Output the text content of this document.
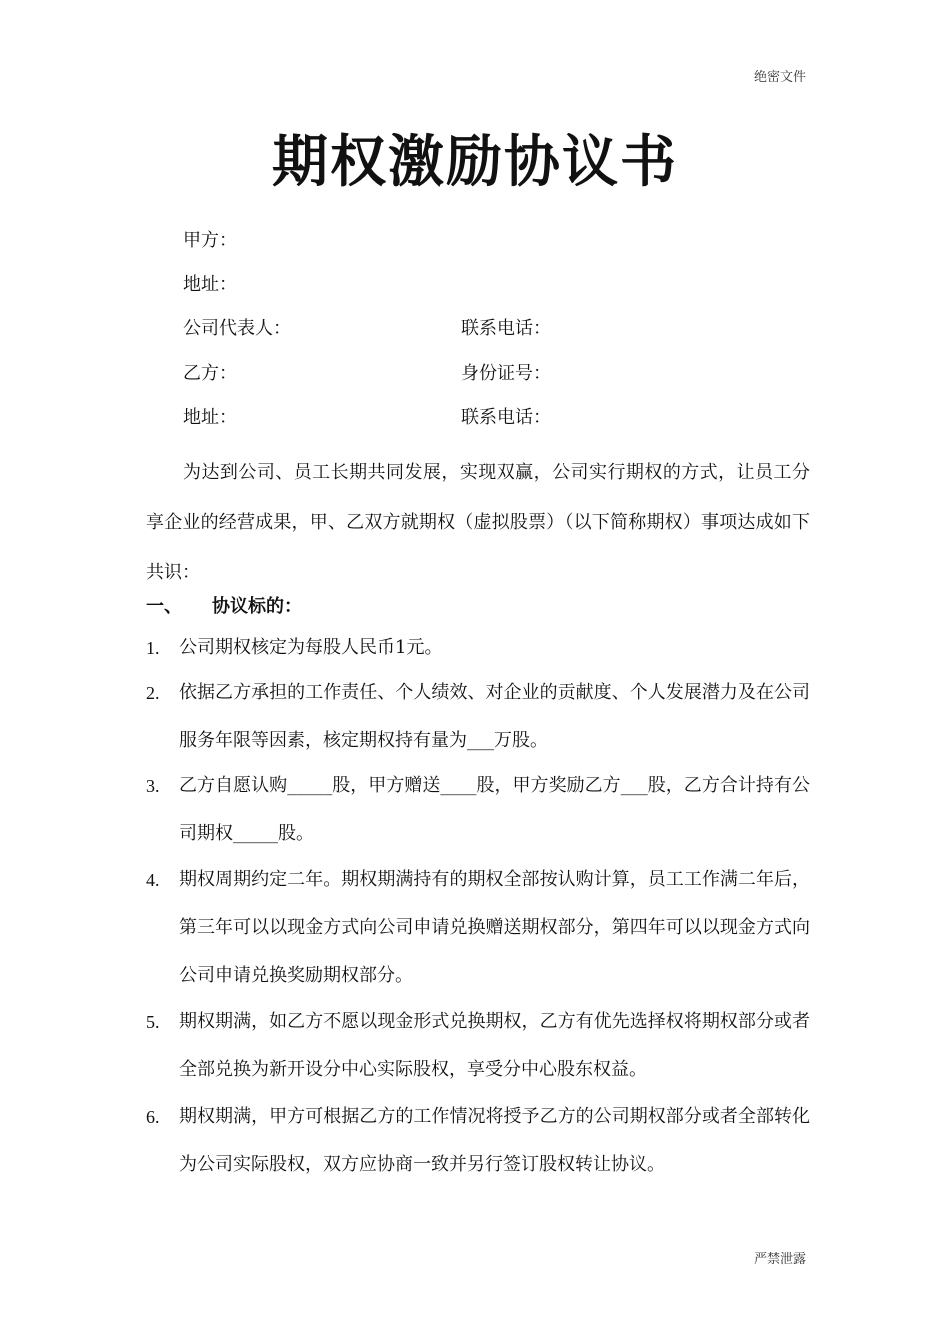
绝密文件
期权激励协议书
甲方：
地址：
公司代表人：	联系电话：
乙方：	身份证号：
地址：	联系电话：

为达到公司、员工长期共同发展，实现双赢，公司实行期权的方式，让员工分享企业的经营成果，甲、乙双方就期权（虚拟股票）（以下简称期权）事项达成如下共识：

一、 协议标的：
1.	公司期权核定为每股人民币1元。
2.	依据乙方承担的工作责任、个人绩效、对企业的贡献度、个人发展潜力及在公司服务年限等因素，核定期权持有量为___万股。
3.	乙方自愿认购_____股，甲方赠送____股，甲方奖励乙方___股，乙方合计持有公司期权_____股。
4.	期权周期约定二年。期权期满持有的期权全部按认购计算，员工工作满二年后，第三年可以以现金方式向公司申请兑换赠送期权部分，第四年可以以现金方式向公司申请兑换奖励期权部分。
5.	期权期满，如乙方不愿以现金形式兑换期权，乙方有优先选择权将期权部分或者全部兑换为新开设分中心实际股权，享受分中心股东权益。
6.	期权期满，甲方可根据乙方的工作情况将授予乙方的公司期权部分或者全部转化为公司实际股权，双方应协商一致并另行签订股权转让协议。
严禁泄露
